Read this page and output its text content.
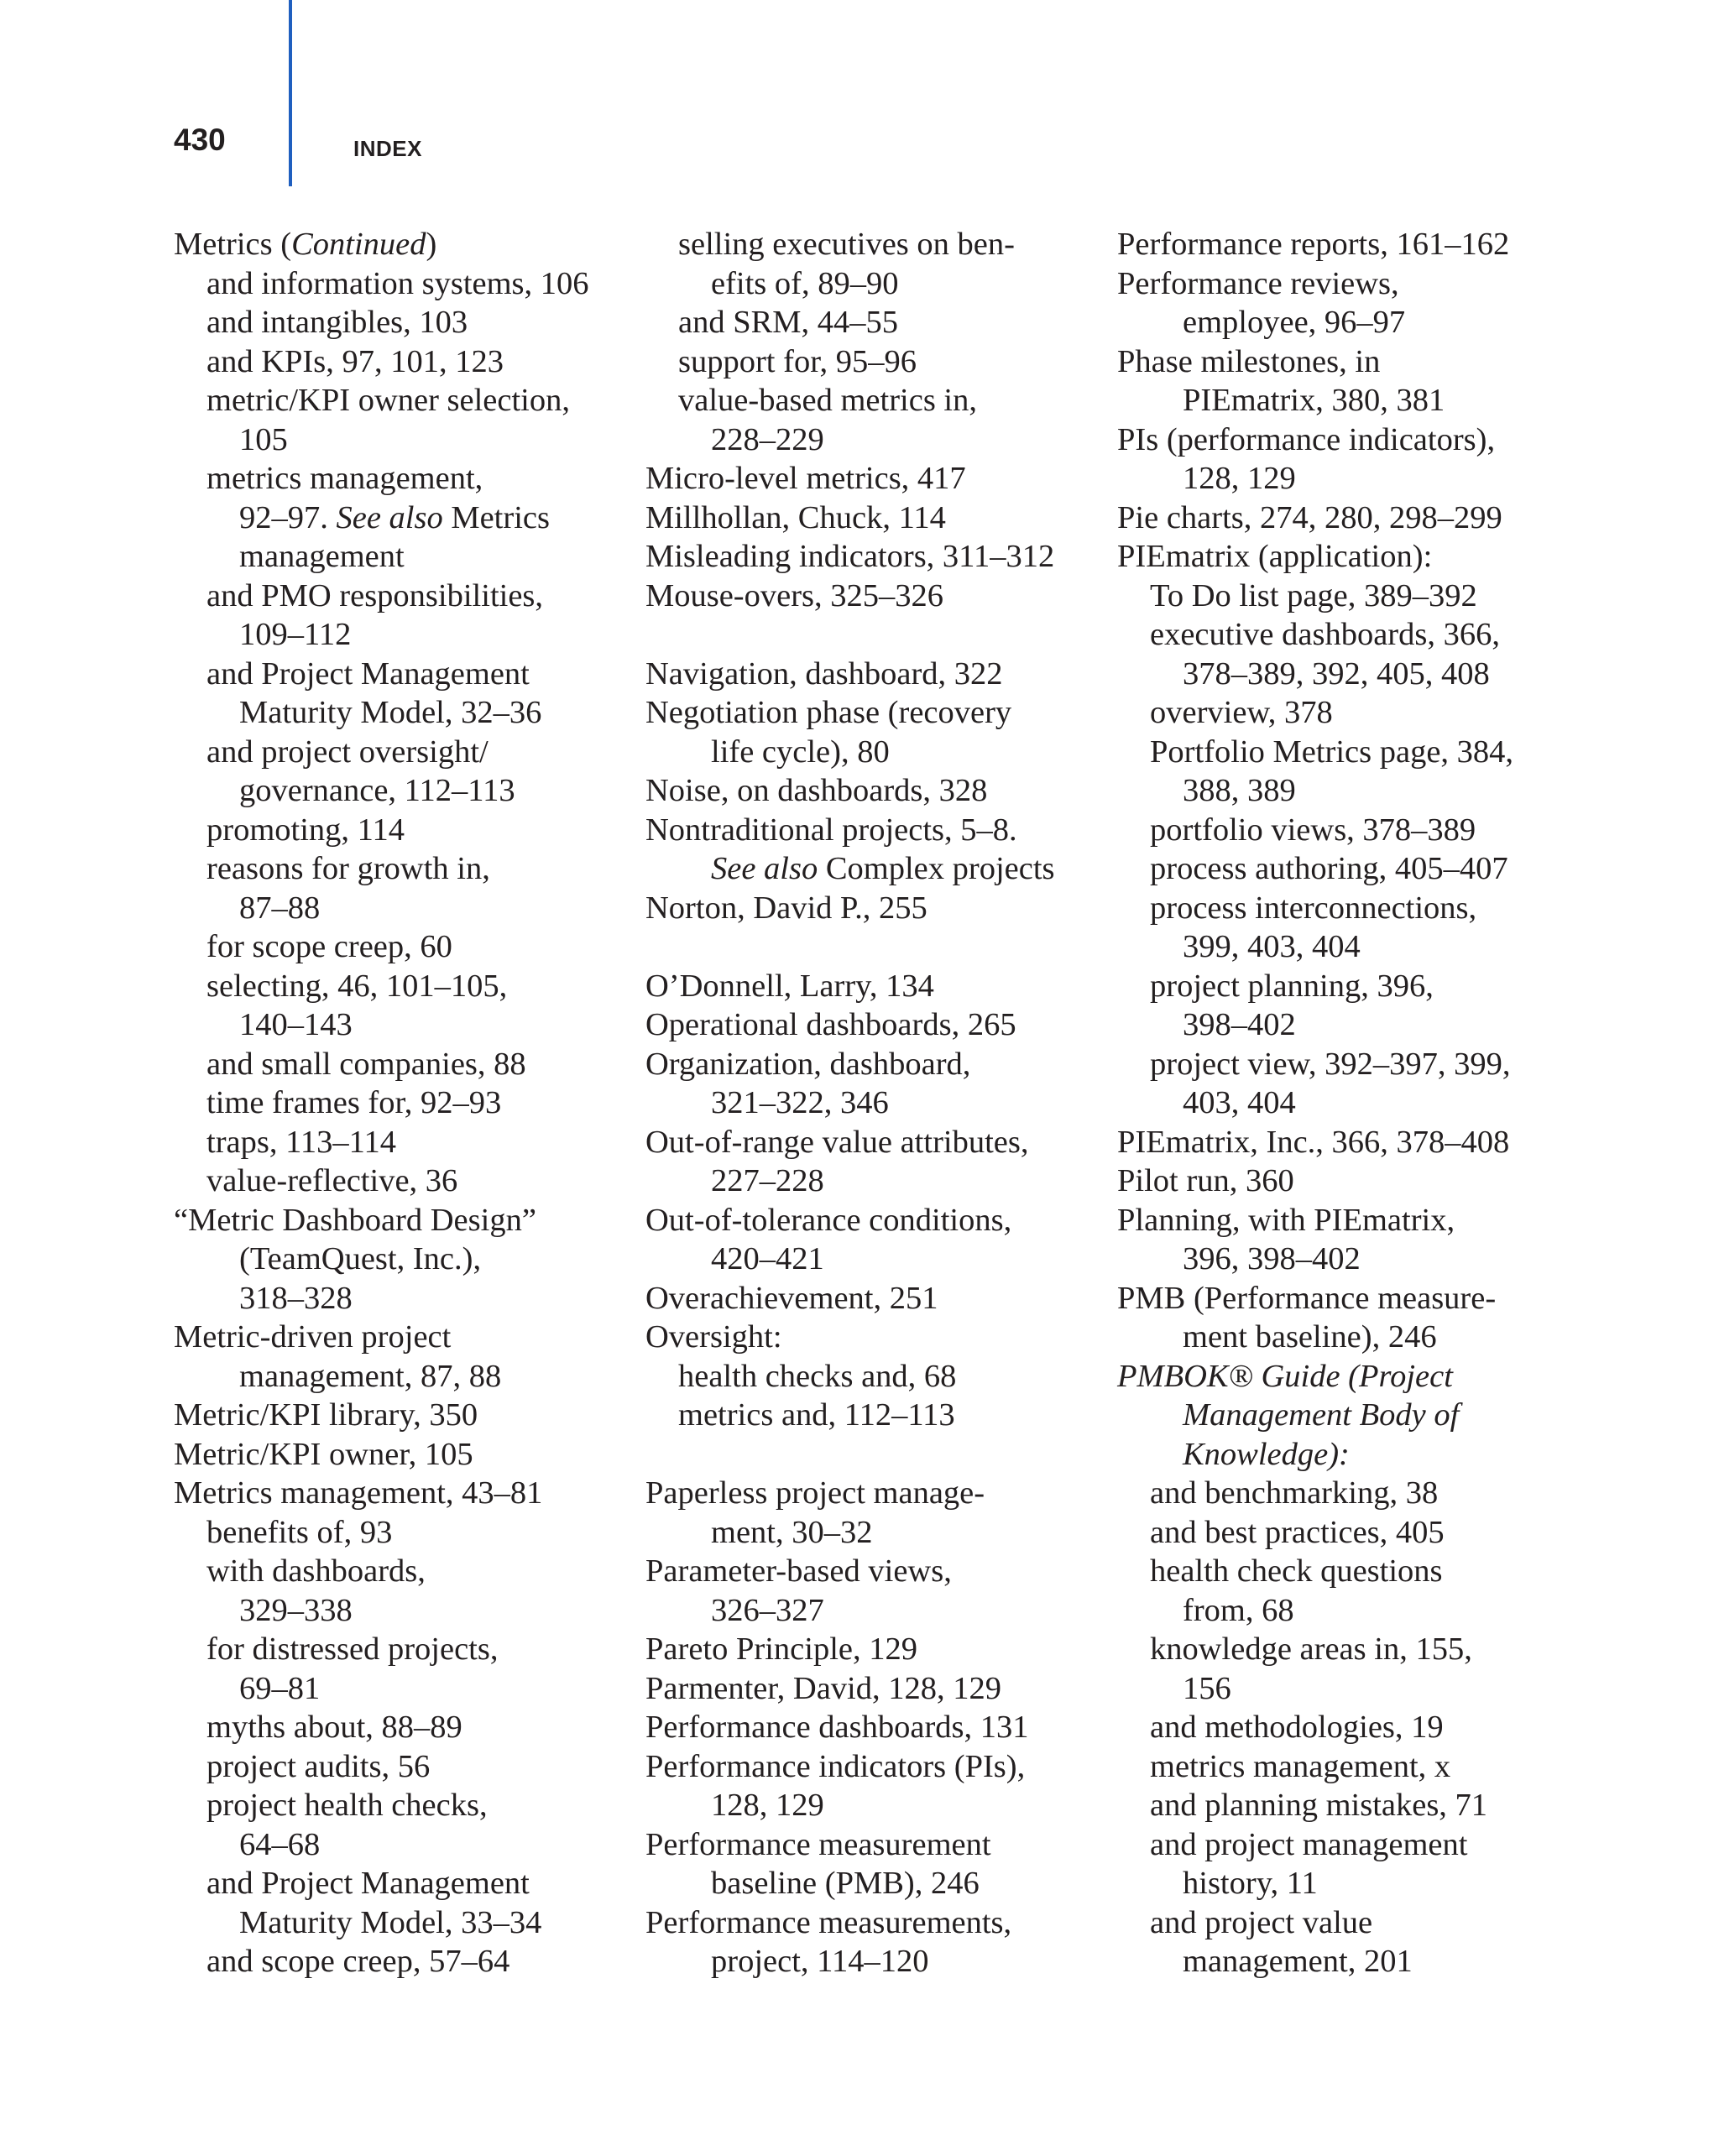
430	INDEX
Metrics (Continued)
and information systems, 106
and intangibles, 103
and KPIs, 97, 101, 123
metric/KPI owner selection,
105
metrics management,
92–97. See also Metrics
management
and PMO responsibilities,
109–112
and Project Management
Maturity Model, 32–36
and project oversight/
governance, 112–113
promoting, 114
reasons for growth in,
87–88
for scope creep, 60
selecting, 46, 101–105,
140–143
and small companies, 88
time frames for, 92–93
traps, 113–114
value-reflective, 36
“Metric Dashboard Design”
(TeamQuest, Inc.),
318–328
Metric-driven project
management, 87, 88
Metric/KPI library, 350
Metric/KPI owner, 105
Metrics management, 43–81
benefits of, 93
with dashboards,
329–338
for distressed projects,
69–81
myths about, 88–89
project audits, 56
project health checks,
64–68
and Project Management
Maturity Model, 33–34
and scope creep, 57–64
selling executives on ben-
efits of, 89–90
and SRM, 44–55
support for, 95–96
value-based metrics in,
228–229
Micro-level metrics, 417
Millhollan, Chuck, 114
Misleading indicators, 311–312
Mouse-overs, 325–326
Navigation, dashboard, 322
Negotiation phase (recovery
life cycle), 80
Noise, on dashboards, 328
Nontraditional projects, 5–8.
See also Complex projects
Norton, David P., 255
O’Donnell, Larry, 134
Operational dashboards, 265
Organization, dashboard,
321–322, 346
Out-of-range value attributes,
227–228
Out-of-tolerance conditions,
420–421
Overachievement, 251
Oversight:
health checks and, 68
metrics and, 112–113
Paperless project manage-
ment, 30–32
Parameter-based views,
326–327
Pareto Principle, 129
Parmenter, David, 128, 129
Performance dashboards, 131
Performance indicators (PIs),
128, 129
Performance measurement
baseline (PMB), 246
Performance measurements,
project, 114–120
Performance reports, 161–162
Performance reviews,
employee, 96–97
Phase milestones, in
PIEmatrix, 380, 381
PIs (performance indicators),
128, 129
Pie charts, 274, 280, 298–299
PIEmatrix (application):
To Do list page, 389–392
executive dashboards, 366,
378–389, 392, 405, 408
overview, 378
Portfolio Metrics page, 384,
388, 389
portfolio views, 378–389
process authoring, 405–407
process interconnections,
399, 403, 404
project planning, 396,
398–402
project view, 392–397, 399,
403, 404
PIEmatrix, Inc., 366, 378–408
Pilot run, 360
Planning, with PIEmatrix,
396, 398–402
PMB (Performance measure-
ment baseline), 246
PMBOK® Guide (Project
Management Body of
Knowledge):
and benchmarking, 38
and best practices, 405
health check questions
from, 68
knowledge areas in, 155,
156
and methodologies, 19
metrics management, x
and planning mistakes, 71
and project management
history, 11
and project value
management, 201
